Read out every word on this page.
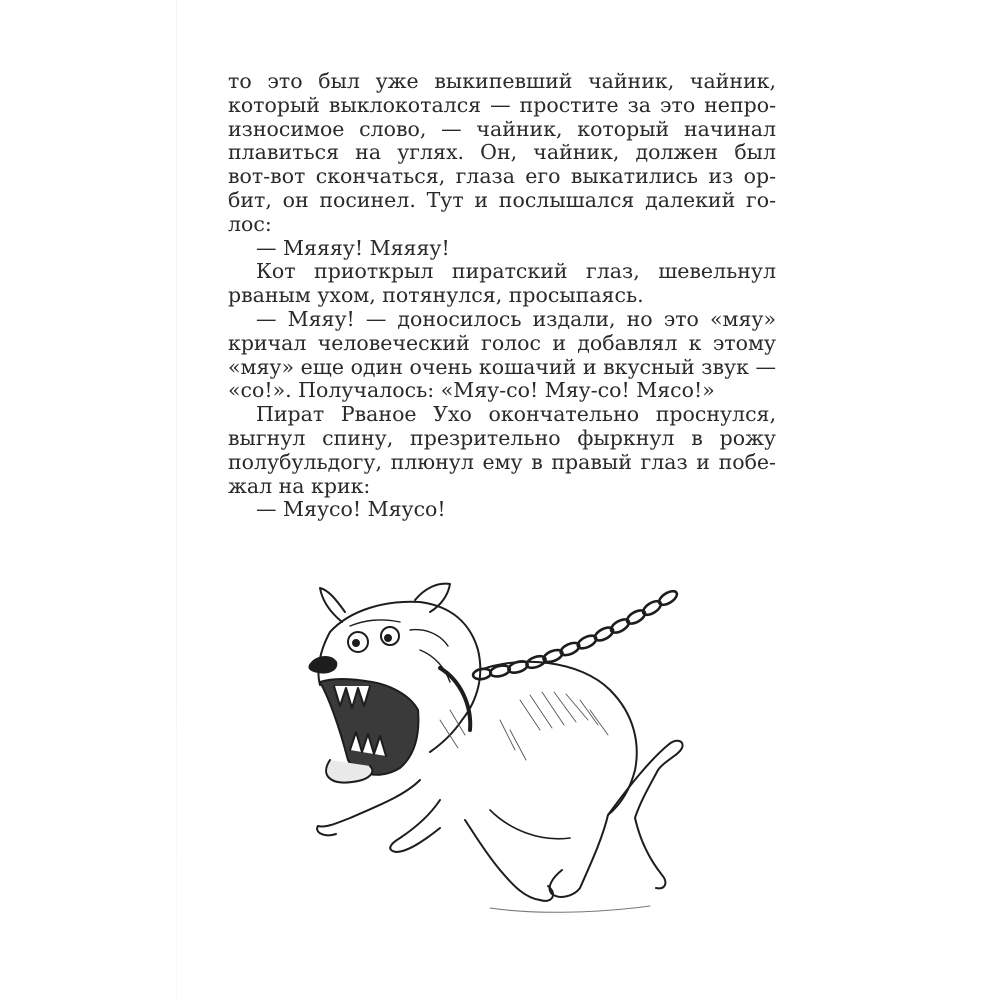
то это был уже выкипевший чайник, чайник,
который выклокотался — простите за это непро-
износимое слово, — чайник, который начинал
плавиться на углях. Он, чайник, должен был
вот-вот скончаться, глаза его выкатились из ор-
бит, он посинел. Тут и послышался далекий го-
лос:
— Мяяяу! Мяяяу!
Кот приоткрыл пиратский глаз, шевельнул
рваным ухом, потянулся, просыпаясь.
— Мяяу! — доносилось издали, но это «мяу»
кричал человеческий голос и добавлял к этому
«мяу» еще один очень кошачий и вкусный звук —
«со!». Получалось: «Мяу-со! Мяу-со! Мясо!»
Пират Рваное Ухо окончательно проснулся,
выгнул спину, презрительно фыркнул в рожу
полубульдогу, плюнул ему в правый глаз и побе-
жал на крик:
— Мяусо! Мяусо!
